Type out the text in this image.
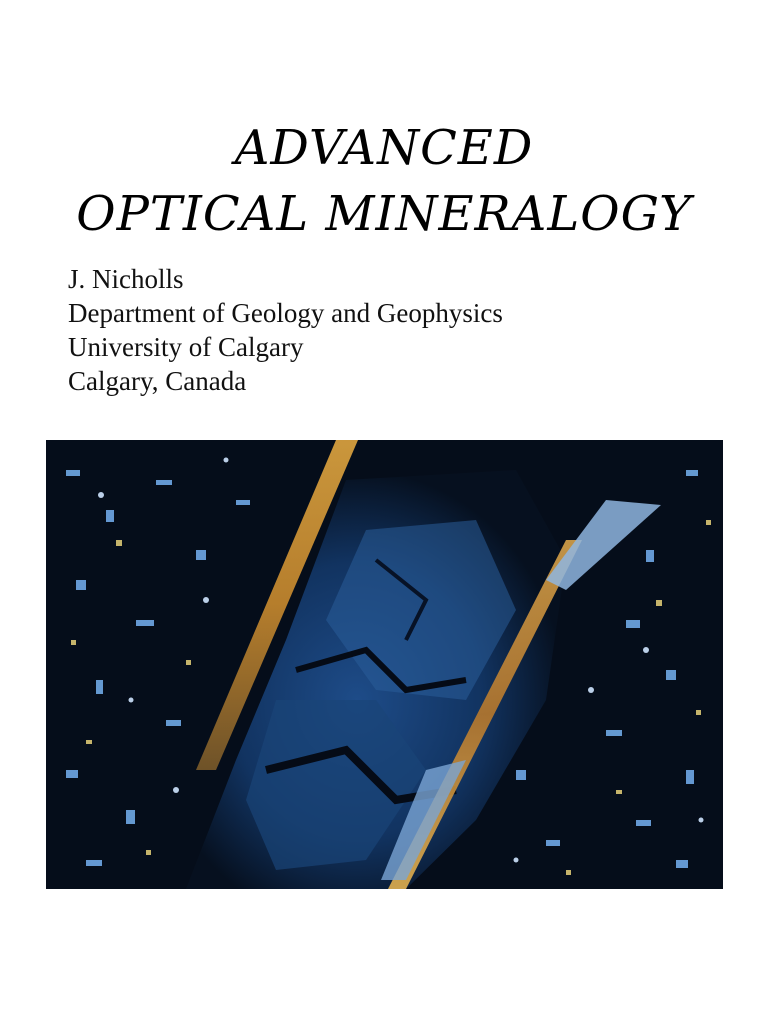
ADVANCED
OPTICAL MINERALOGY
J. Nicholls
Department of Geology and Geophysics
University of Calgary
Calgary, Canada
